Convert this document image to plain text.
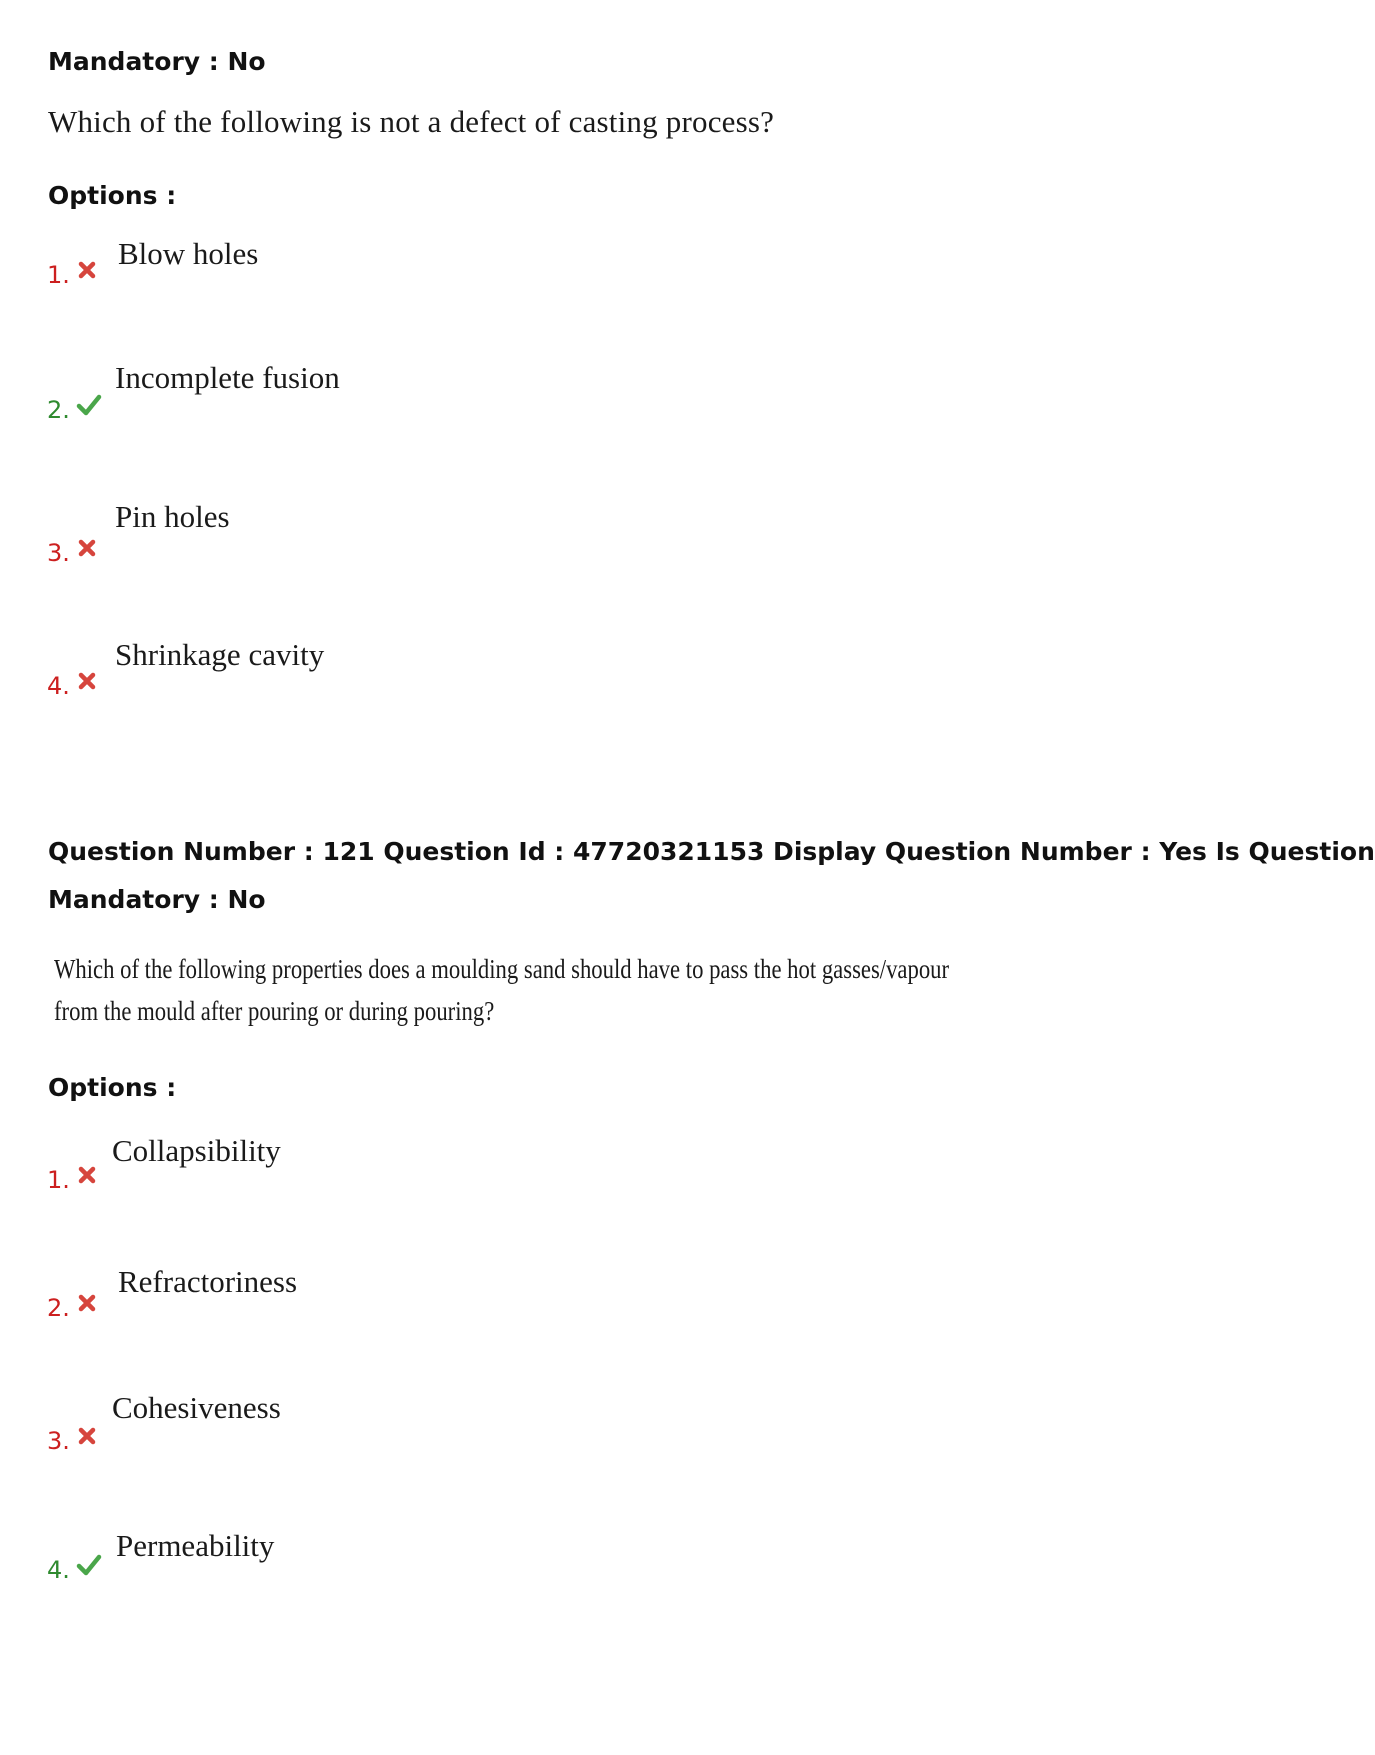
Mandatory : No
Which of the following is not a defect of casting process?
Options :
1.
Blow holes
2.
Incomplete fusion
3.
Pin holes
4.
Shrinkage cavity
Question Number : 121 Question Id : 47720321153 Display Question Number : Yes Is Question
Mandatory : No
Which of the following properties does a moulding sand should have to pass the hot gasses/vapour
from the mould after pouring or during pouring?
Options :
1.
Collapsibility
2.
Refractoriness
3.
Cohesiveness
4.
Permeability
